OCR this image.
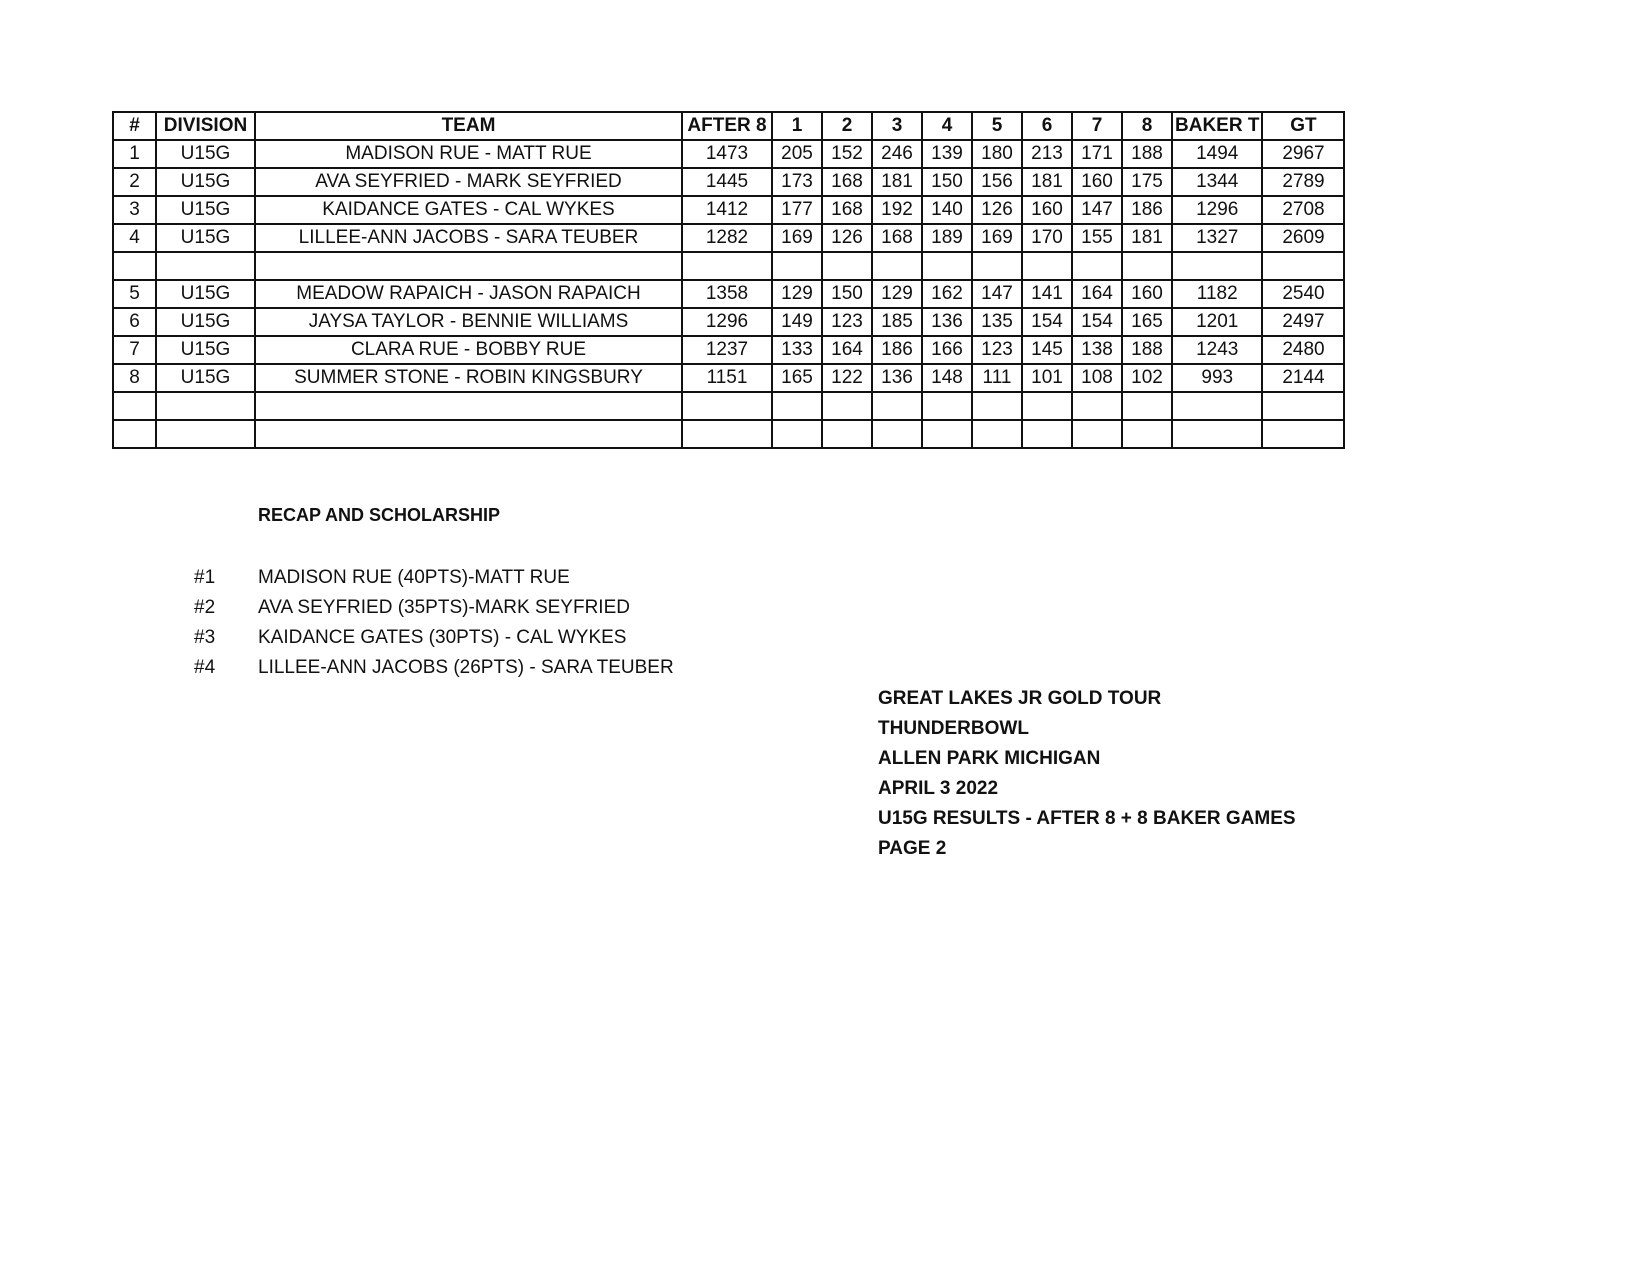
#	DIVISION	TEAM	AFTER 8	1	2	3	4	5	6	7	8	BAKER T	GT
1	U15G	MADISON RUE - MATT RUE	1473	205	152	246	139	180	213	171	188	1494	2967
2	U15G	AVA SEYFRIED - MARK SEYFRIED	1445	173	168	181	150	156	181	160	175	1344	2789
3	U15G	KAIDANCE GATES - CAL WYKES	1412	177	168	192	140	126	160	147	186	1296	2708
4	U15G	LILLEE-ANN JACOBS - SARA TEUBER	1282	169	126	168	189	169	170	155	181	1327	2609

5	U15G	MEADOW RAPAICH - JASON RAPAICH	1358	129	150	129	162	147	141	164	160	1182	2540
6	U15G	JAYSA TAYLOR - BENNIE WILLIAMS	1296	149	123	185	136	135	154	154	165	1201	2497
7	U15G	CLARA RUE - BOBBY RUE	1237	133	164	186	166	123	145	138	188	1243	2480
8	U15G	SUMMER STONE - ROBIN KINGSBURY	1151	165	122	136	148	111	101	108	102	993	2144

RECAP AND SCHOLARSHIP
#1 MADISON RUE (40PTS)-MATT RUE
#2 AVA SEYFRIED (35PTS)-MARK SEYFRIED
#3 KAIDANCE GATES (30PTS) - CAL WYKES
#4 LILLEE-ANN JACOBS (26PTS) - SARA TEUBER
GREAT LAKES JR GOLD TOUR
THUNDERBOWL
ALLEN PARK MICHIGAN
APRIL 3 2022
U15G RESULTS - AFTER 8 + 8 BAKER GAMES
PAGE 2
